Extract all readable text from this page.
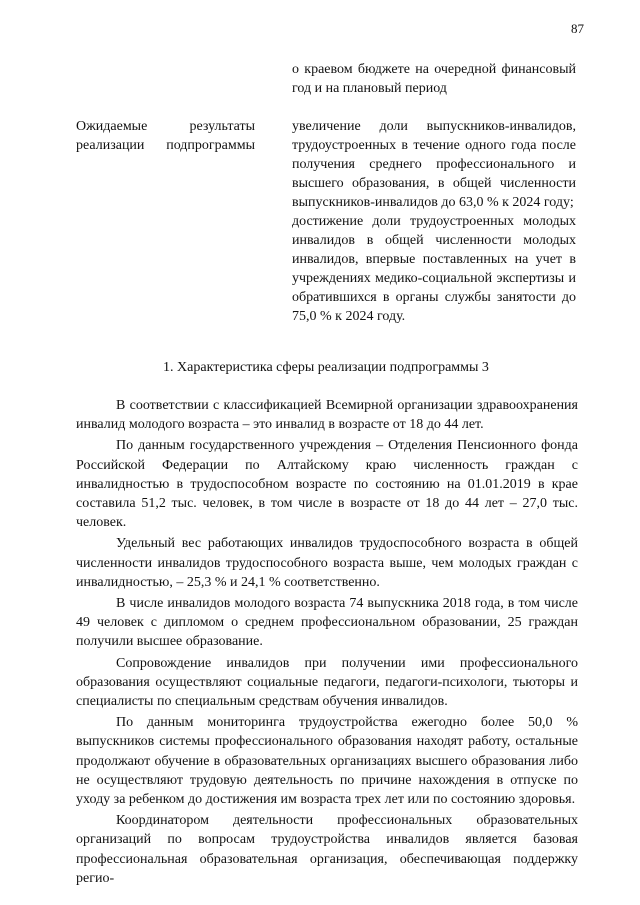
87
о краевом бюджете на очередной финансовый год и на плановый период
Ожидаемые результаты реализации подпрограммы

увеличение доли выпускников-инвалидов, трудоустроенных в течение одного года после получения среднего профессионального и высшего образования, в общей численности выпускников-инвалидов до 63,0 % к 2024 году;

достижение доли трудоустроенных молодых инвалидов в общей численности молодых инвалидов, впервые поставленных на учет в учреждениях медико-социальной экспертизы и обратившихся в органы службы занятости до 75,0 % к 2024 году.

1. Характеристика сферы реализации подпрограммы 3

В соответствии с классификацией Всемирной организации здравоохранения инвалид молодого возраста – это инвалид в возрасте от 18 до 44 лет.

По данным государственного учреждения – Отделения Пенсионного фонда Российской Федерации по Алтайскому краю численность граждан с инвалидностью в трудоспособном возрасте по состоянию на 01.01.2019 в крае составила 51,2 тыс. человек, в том числе в возрасте от 18 до 44 лет – 27,0 тыс. человек.

Удельный вес работающих инвалидов трудоспособного возраста в общей численности инвалидов трудоспособного возраста выше, чем молодых граждан с инвалидностью, – 25,3 % и 24,1 % соответственно.

В числе инвалидов молодого возраста 74 выпускника 2018 года, в том числе 49 человек с дипломом о среднем профессиональном образовании, 25 граждан получили высшее образование.

Сопровождение инвалидов при получении ими профессионального образования осуществляют социальные педагоги, педагоги-психологи, тьюторы и специалисты по специальным средствам обучения инвалидов.

По данным мониторинга трудоустройства ежегодно более 50,0 % выпускников системы профессионального образования находят работу, остальные продолжают обучение в образовательных организациях высшего образования либо не осуществляют трудовую деятельность по причине нахождения в отпуске по уходу за ребенком до достижения им возраста трех лет или по состоянию здоровья.

Координатором деятельности профессиональных образовательных организаций по вопросам трудоустройства инвалидов является базовая профессиональная образовательная организация, обеспечивающая поддержку регио-
